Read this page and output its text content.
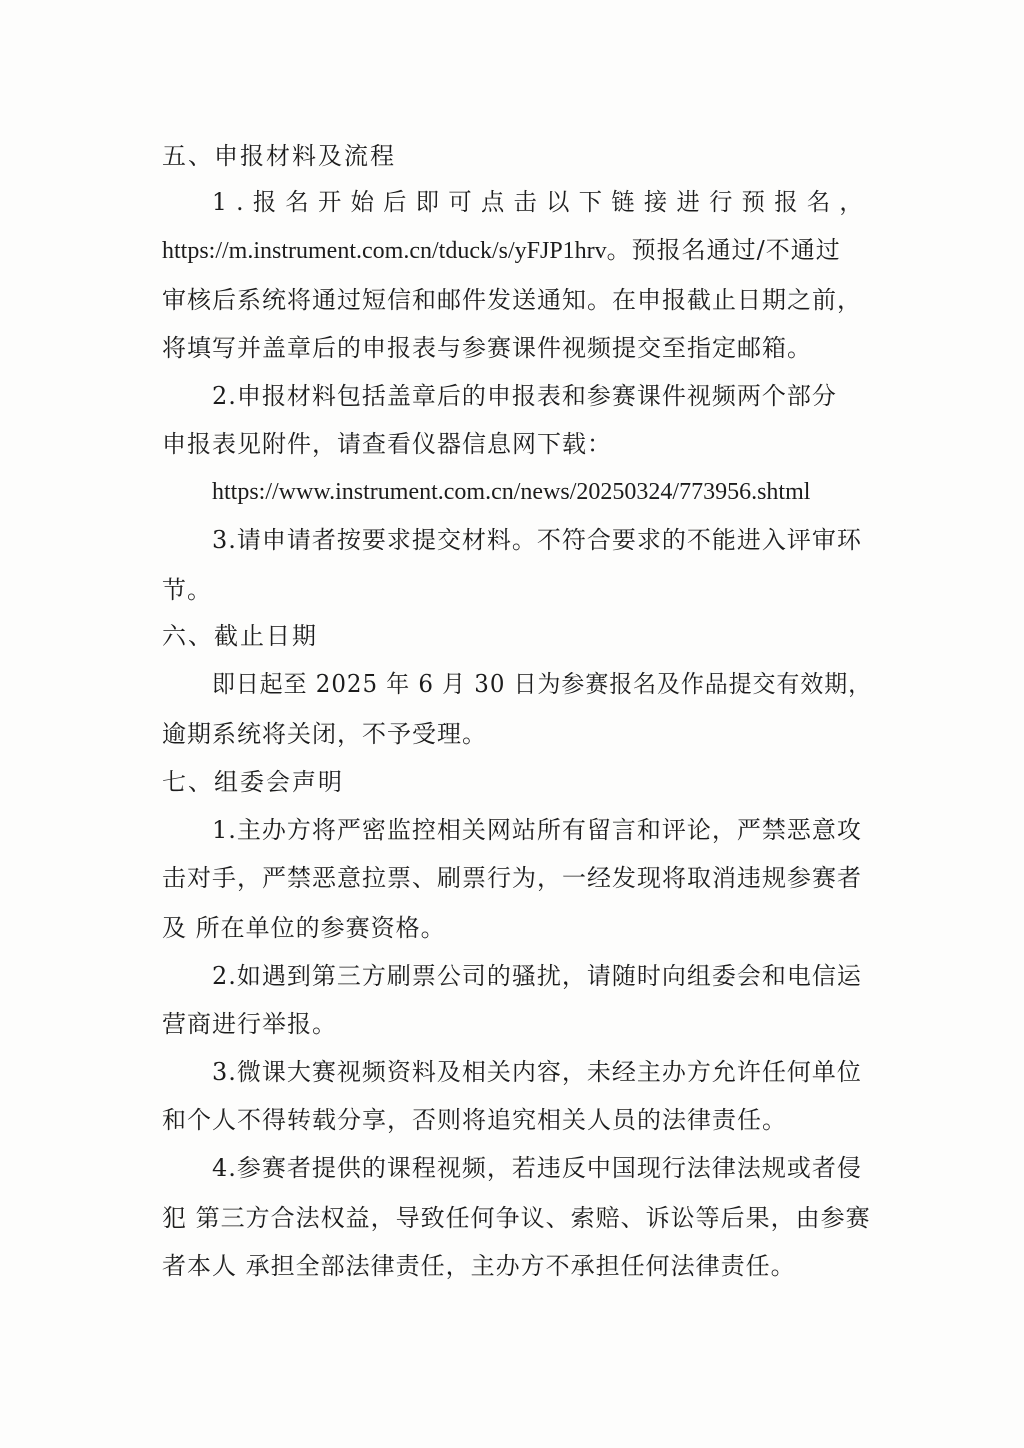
五、申报材料及流程
1.报名开始后即可点击以下链接进行预报名，
https://m.instrument.com.cn/tduck/s/yFJP1hrv。预报名通过/不通过
审核后系统将通过短信和邮件发送通知。在申报截止日期之前，
将填写并盖章后的申报表与参赛课件视频提交至指定邮箱。
2.申报材料包括盖章后的申报表和参赛课件视频两个部分
申报表见附件，请查看仪器信息网下载：
https://www.instrument.com.cn/news/20250324/773956.shtml
3.请申请者按要求提交材料。不符合要求的不能进入评审环
节。
六、截止日期
即日起至 2025 年 6 月 30 日为参赛报名及作品提交有效期，
逾期系统将关闭，不予受理。
七、组委会声明
1.主办方将严密监控相关网站所有留言和评论，严禁恶意攻
击对手，严禁恶意拉票、刷票行为，一经发现将取消违规参赛者
及 所在单位的参赛资格。
2.如遇到第三方刷票公司的骚扰，请随时向组委会和电信运
营商进行举报。
3.微课大赛视频资料及相关内容，未经主办方允许任何单位
和个人不得转载分享，否则将追究相关人员的法律责任。
4.参赛者提供的课程视频，若违反中国现行法律法规或者侵
犯 第三方合法权益，导致任何争议、索赔、诉讼等后果，由参赛
者本人 承担全部法律责任，主办方不承担任何法律责任。
